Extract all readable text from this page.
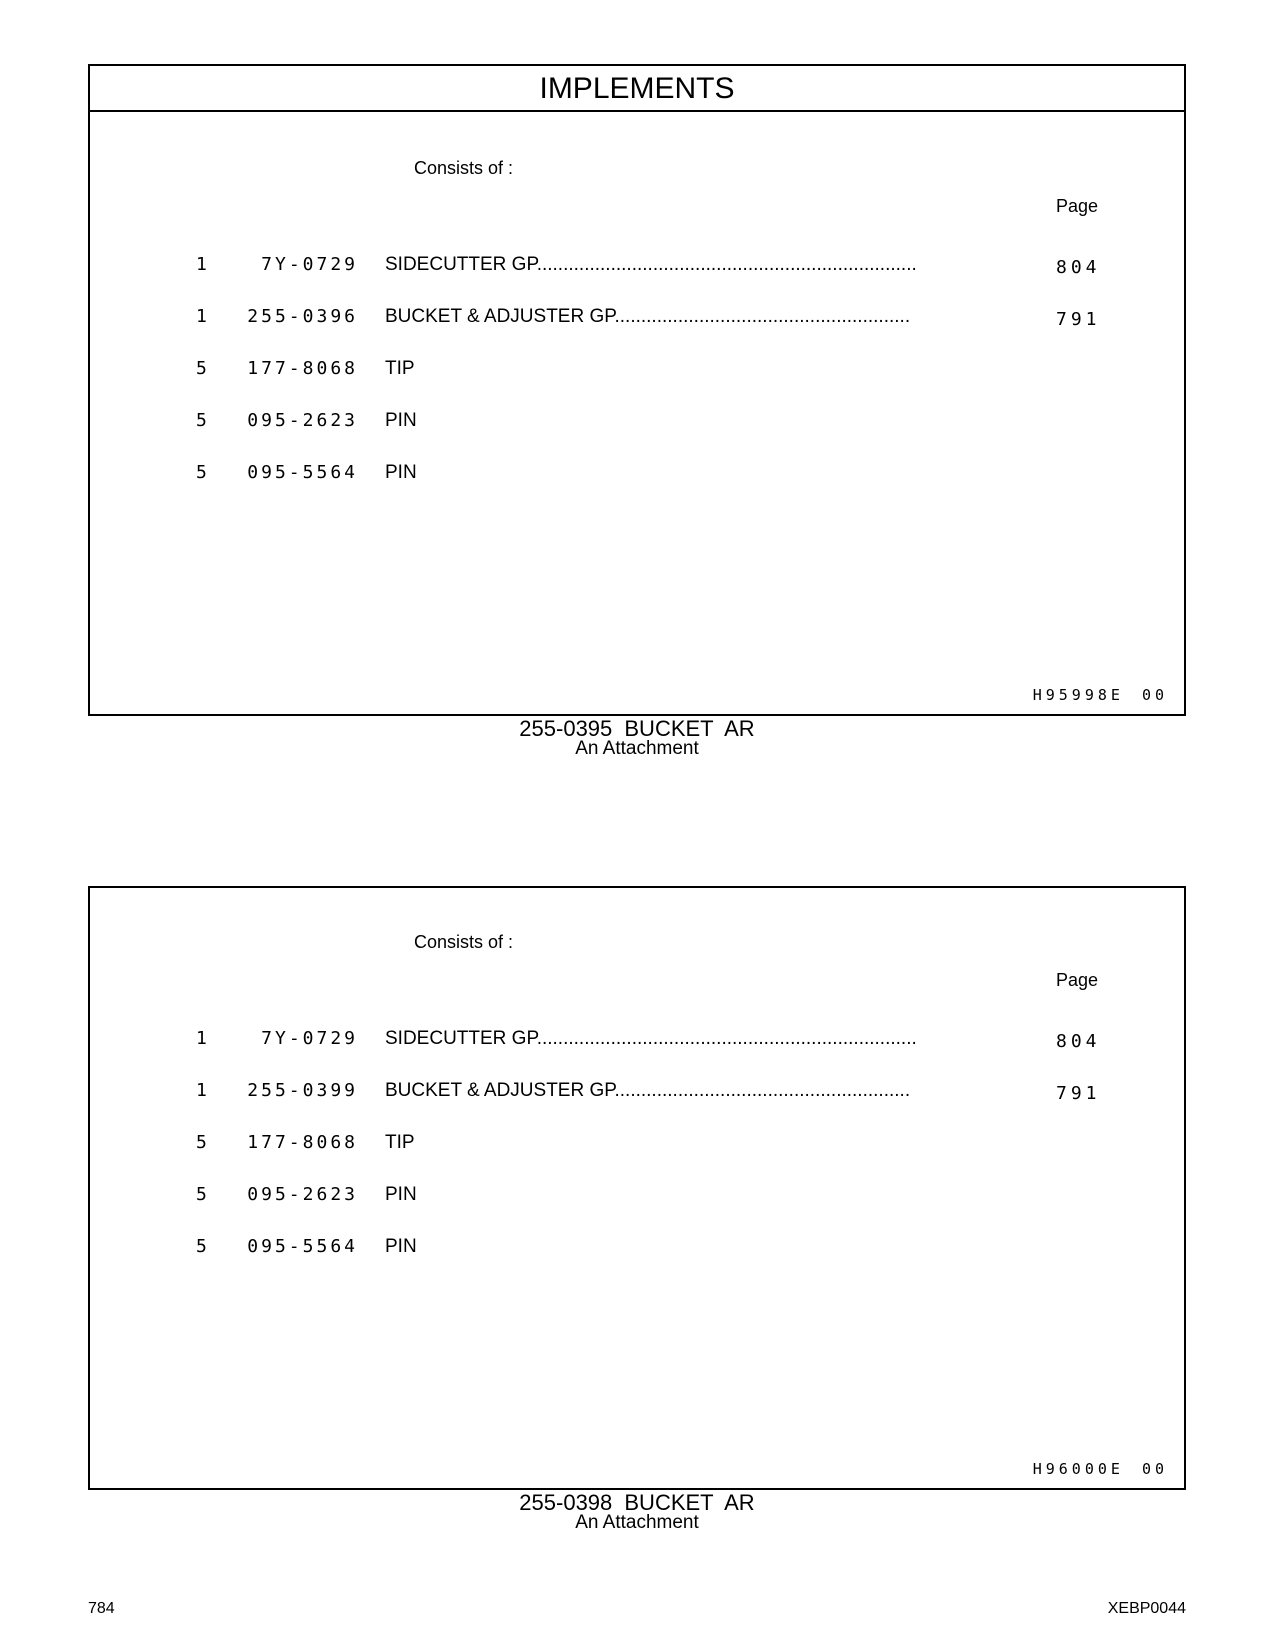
IMPLEMENTS
Consists of :
Page
1	7Y-0729 SIDECUTTER GP........................................................................	804
1	255-0396 BUCKET & ADJUSTER GP........................................................	791
5	177-8068 TIP
5	095-2623 PIN
5	095-5564 PIN
H95998E 00
255-0395 BUCKET AR
An Attachment
Consists of :
Page
1	7Y-0729 SIDECUTTER GP........................................................................	804
1	255-0399 BUCKET & ADJUSTER GP........................................................	791
5	177-8068 TIP
5	095-2623 PIN
5	095-5564 PIN
H96000E 00
255-0398 BUCKET AR
An Attachment
784	XEBP0044
